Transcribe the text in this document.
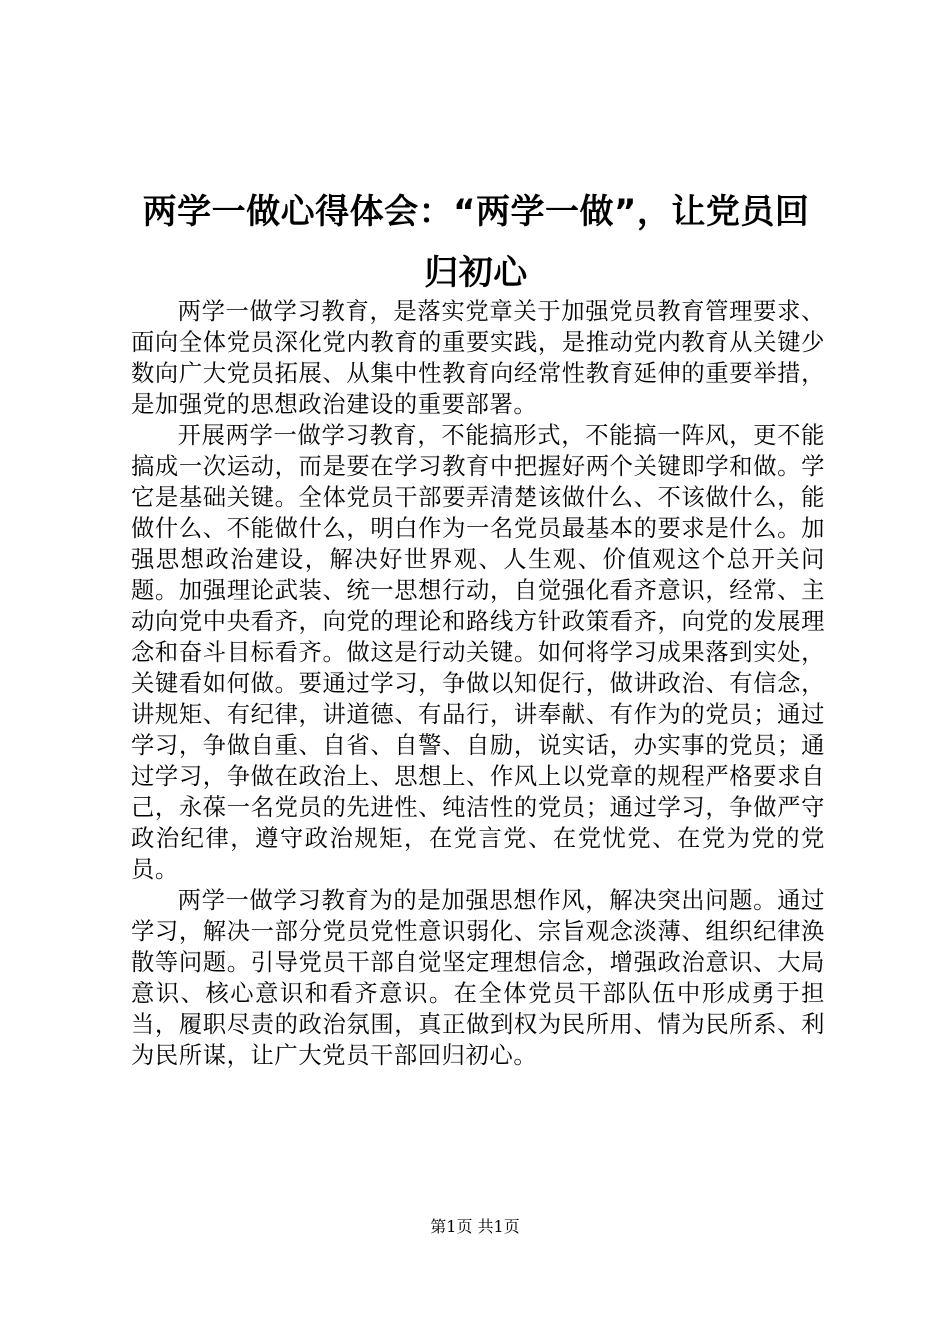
两学一做心得体会：“两学一做”，让党员回归初心

两学一做学习教育，是落实党章关于加强党员教育管理要求、面向全体党员深化党内教育的重要实践，是推动党内教育从关键少数向广大党员拓展、从集中性教育向经常性教育延伸的重要举措，是加强党的思想政治建设的重要部署。

开展两学一做学习教育，不能搞形式，不能搞一阵风，更不能搞成一次运动，而是要在学习教育中把握好两个关键即学和做。学它是基础关键。全体党员干部要弄清楚该做什么、不该做什么，能做什么、不能做什么，明白作为一名党员最基本的要求是什么。加强思想政治建设，解决好世界观、人生观、价值观这个总开关问题。加强理论武装、统一思想行动，自觉强化看齐意识，经常、主动向党中央看齐，向党的理论和路线方针政策看齐，向党的发展理念和奋斗目标看齐。做这是行动关键。如何将学习成果落到实处，关键看如何做。要通过学习，争做以知促行，做讲政治、有信念，讲规矩、有纪律，讲道德、有品行，讲奉献、有作为的党员；通过学习，争做自重、自省、自警、自励，说实话，办实事的党员；通过学习，争做在政治上、思想上、作风上以党章的规程严格要求自己，永葆一名党员的先进性、纯洁性的党员；通过学习，争做严守政治纪律，遵守政治规矩，在党言党、在党忧党、在党为党的党员。

两学一做学习教育为的是加强思想作风，解决突出问题。通过学习，解决一部分党员党性意识弱化、宗旨观念淡薄、组织纪律涣散等问题。引导党员干部自觉坚定理想信念，增强政治意识、大局意识、核心意识和看齐意识。在全体党员干部队伍中形成勇于担当，履职尽责的政治氛围，真正做到权为民所用、情为民所系、利为民所谋，让广大党员干部回归初心。

第1页 共1页
